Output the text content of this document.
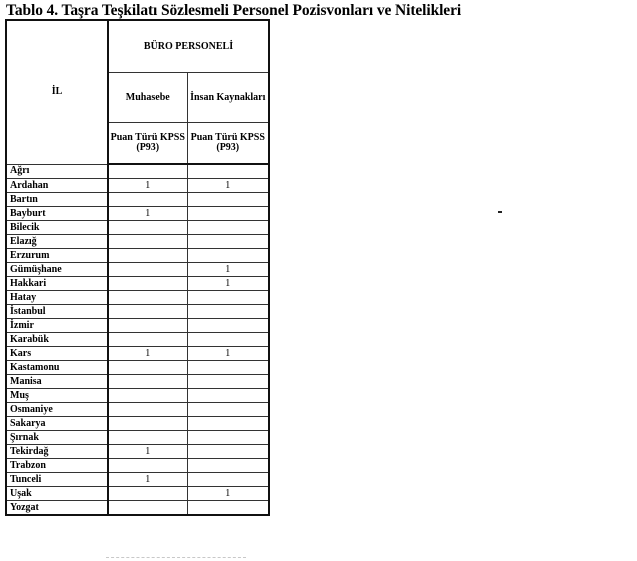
Tablo 4. Taşra Teşkilatı Sözlesmeli Personel Pozisvonları ve Nitelikleri
İL	BÜRO PERSONELİ	
	Muhasebe	İnsan Kaynakları
	Puan Türü KPSS (P93)	Puan Türü KPSS (P93)
Ağrı		
Ardahan	1	1
Bartın		
Bayburt	1	
Bilecik		
Elazığ		
Erzurum		
Gümüşhane		1
Hakkari		1
Hatay		
İstanbul		
İzmir		
Karabük		
Kars	1	1
Kastamonu		
Manisa		
Muş		
Osmaniye		
Sakarya		
Şırnak		
Tekirdağ	1	
Trabzon		
Tunceli	1	
Uşak		1
Yozgat		
